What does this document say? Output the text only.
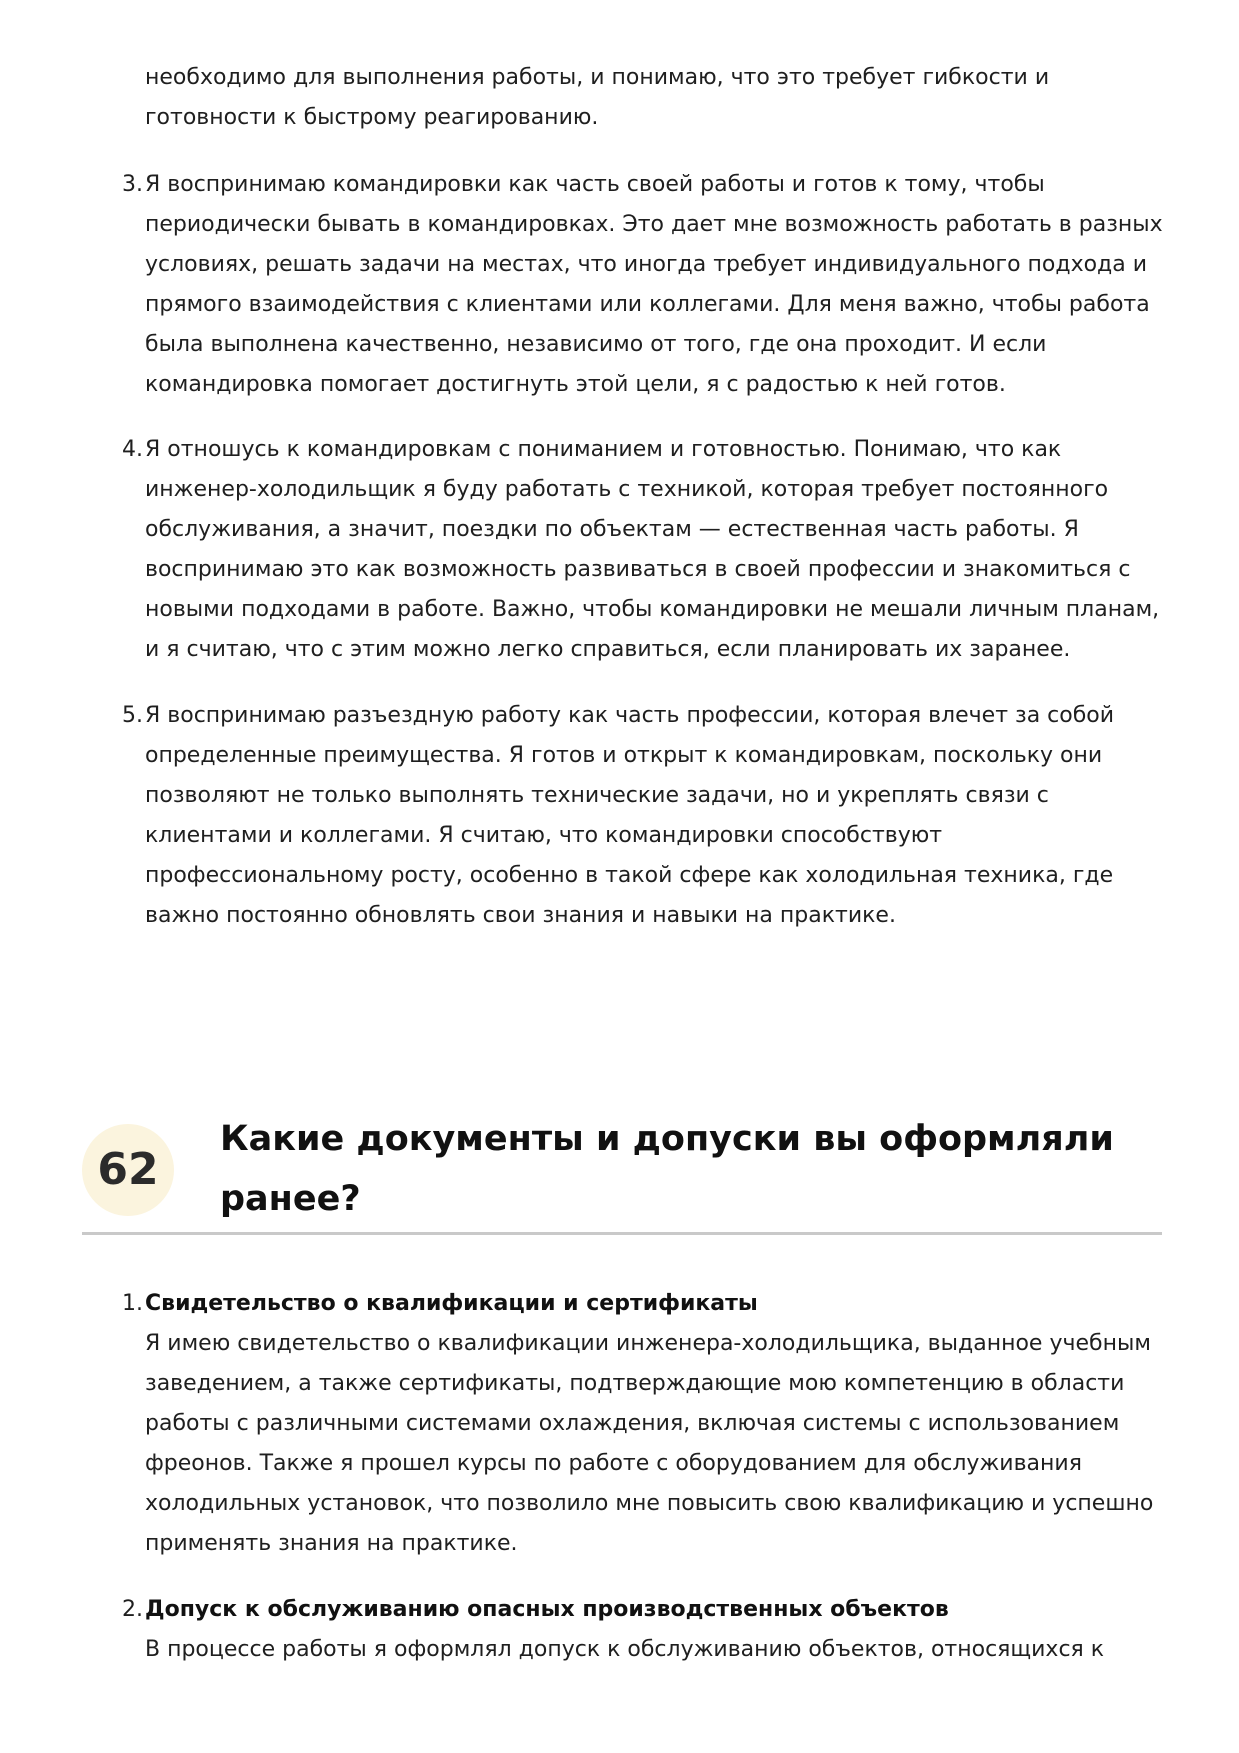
необходимо для выполнения работы, и понимаю, что это требует гибкости и готовности к быстрому реагированию.

3. Я воспринимаю командировки как часть своей работы и готов к тому, чтобы периодически бывать в командировках. Это дает мне возможность работать в разных условиях, решать задачи на местах, что иногда требует индивидуального подхода и прямого взаимодействия с клиентами или коллегами. Для меня важно, чтобы работа была выполнена качественно, независимо от того, где она проходит. И если командировка помогает достигнуть этой цели, я с радостью к ней готов.
4. Я отношусь к командировкам с пониманием и готовностью. Понимаю, что как инженер-холодильщик я буду работать с техникой, которая требует постоянного обслуживания, а значит, поездки по объектам — естественная часть работы. Я воспринимаю это как возможность развиваться в своей профессии и знакомиться с новыми подходами в работе. Важно, чтобы командировки не мешали личным планам, и я считаю, что с этим можно легко справиться, если планировать их заранее.
5. Я воспринимаю разъездную работу как часть профессии, которая влечет за собой определенные преимущества. Я готов и открыт к командировкам, поскольку они позволяют не только выполнять технические задачи, но и укреплять связи с клиентами и коллегами. Я считаю, что командировки способствуют профессиональному росту, особенно в такой сфере как холодильная техника, где важно постоянно обновлять свои знания и навыки на практике.
62
Какие документы и допуски вы оформляли ранее?
1. Свидетельство о квалификации и сертификаты
Я имею свидетельство о квалификации инженера-холодильщика, выданное учебным заведением, а также сертификаты, подтверждающие мою компетенцию в области работы с различными системами охлаждения, включая системы с использованием фреонов. Также я прошел курсы по работе с оборудованием для обслуживания холодильных установок, что позволило мне повысить свою квалификацию и успешно применять знания на практике.
2. Допуск к обслуживанию опасных производственных объектов
В процессе работы я оформлял допуск к обслуживанию объектов, относящихся к
